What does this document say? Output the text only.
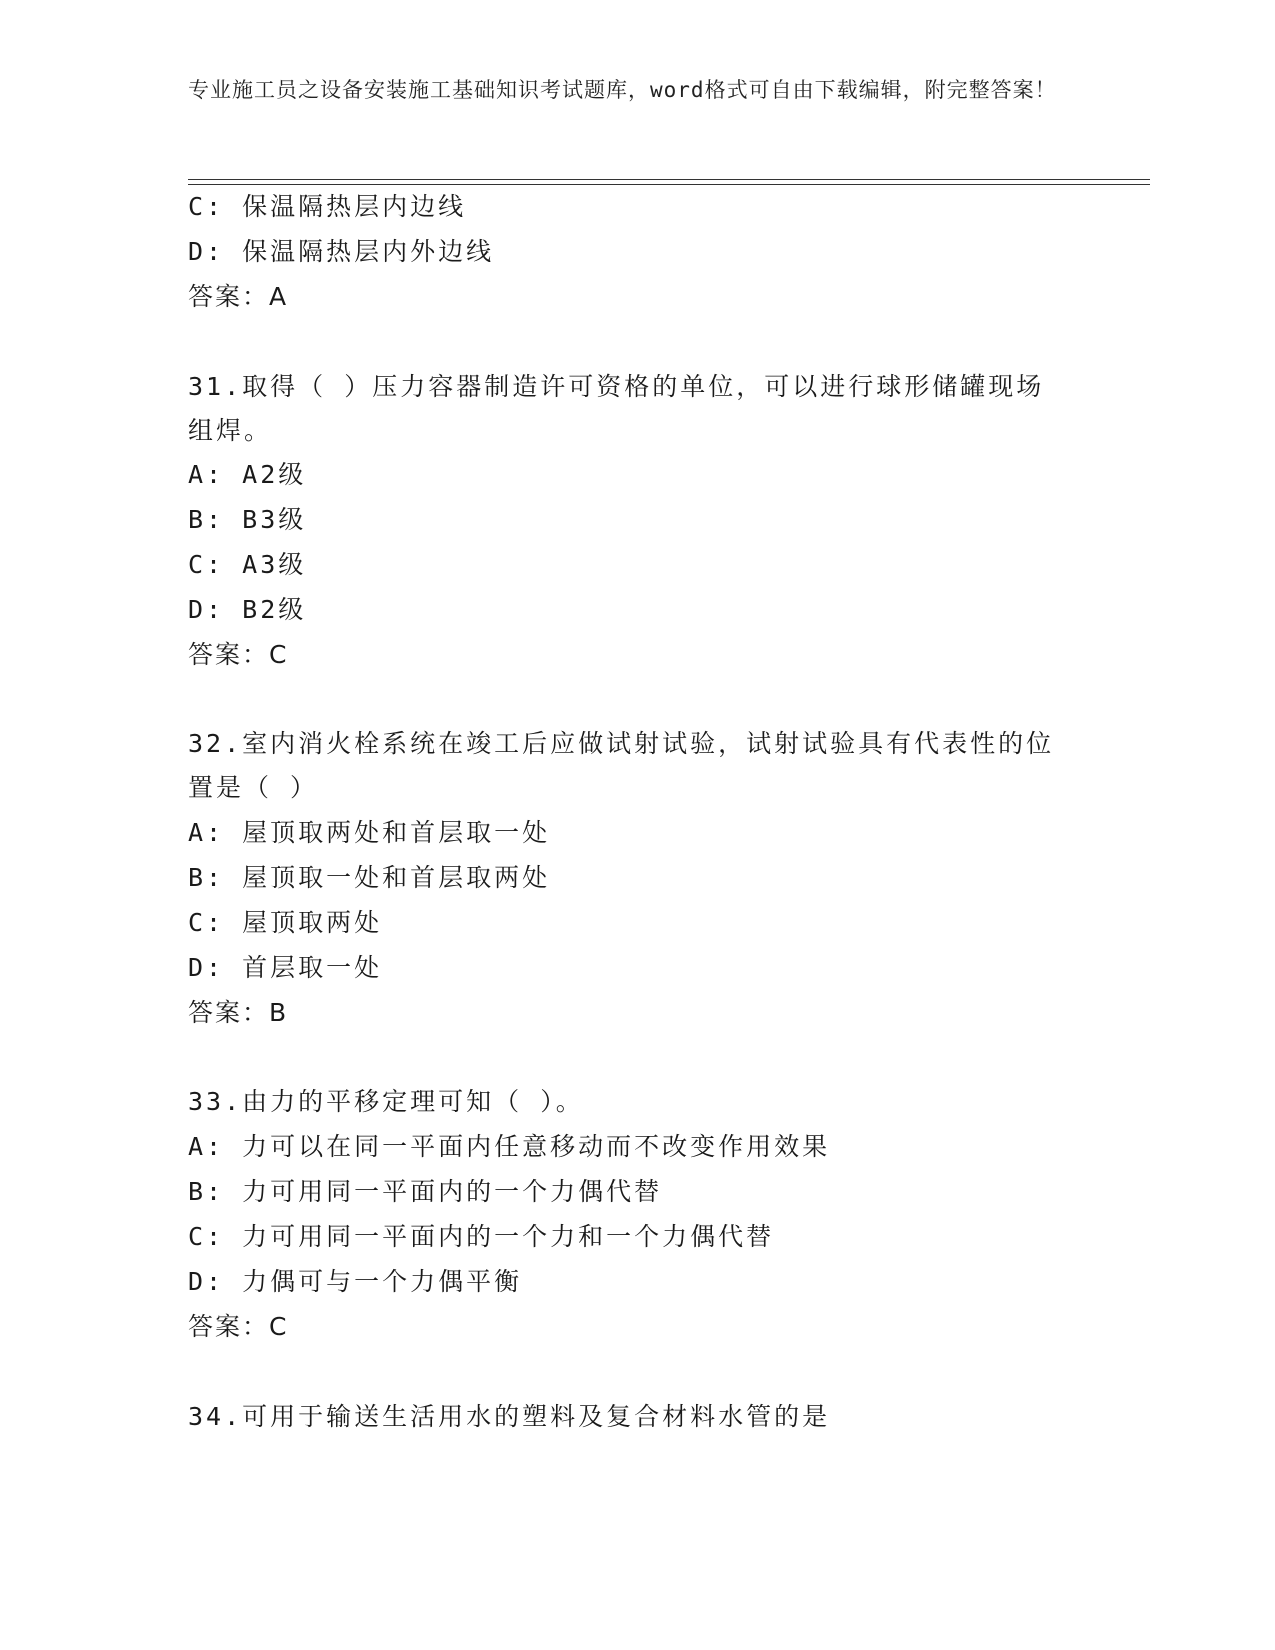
专业施工员之设备安装施工基础知识考试题库，word格式可自由下载编辑，附完整答案！
C: 保温隔热层内边线
D: 保温隔热层内外边线
答案：A
31.取得（ ）压力容器制造许可资格的单位，可以进行球形储罐现场
组焊。
A: A2级
B: B3级
C: A3级
D: B2级
答案：C
32.室内消火栓系统在竣工后应做试射试验，试射试验具有代表性的位
置是（ ）
A: 屋顶取两处和首层取一处
B: 屋顶取一处和首层取两处
C: 屋顶取两处
D: 首层取一处
答案：B
33.由力的平移定理可知（ ）。
A: 力可以在同一平面内任意移动而不改变作用效果
B: 力可用同一平面内的一个力偶代替
C: 力可用同一平面内的一个力和一个力偶代替
D: 力偶可与一个力偶平衡
答案：C
34.可用于输送生活用水的塑料及复合材料水管的是
